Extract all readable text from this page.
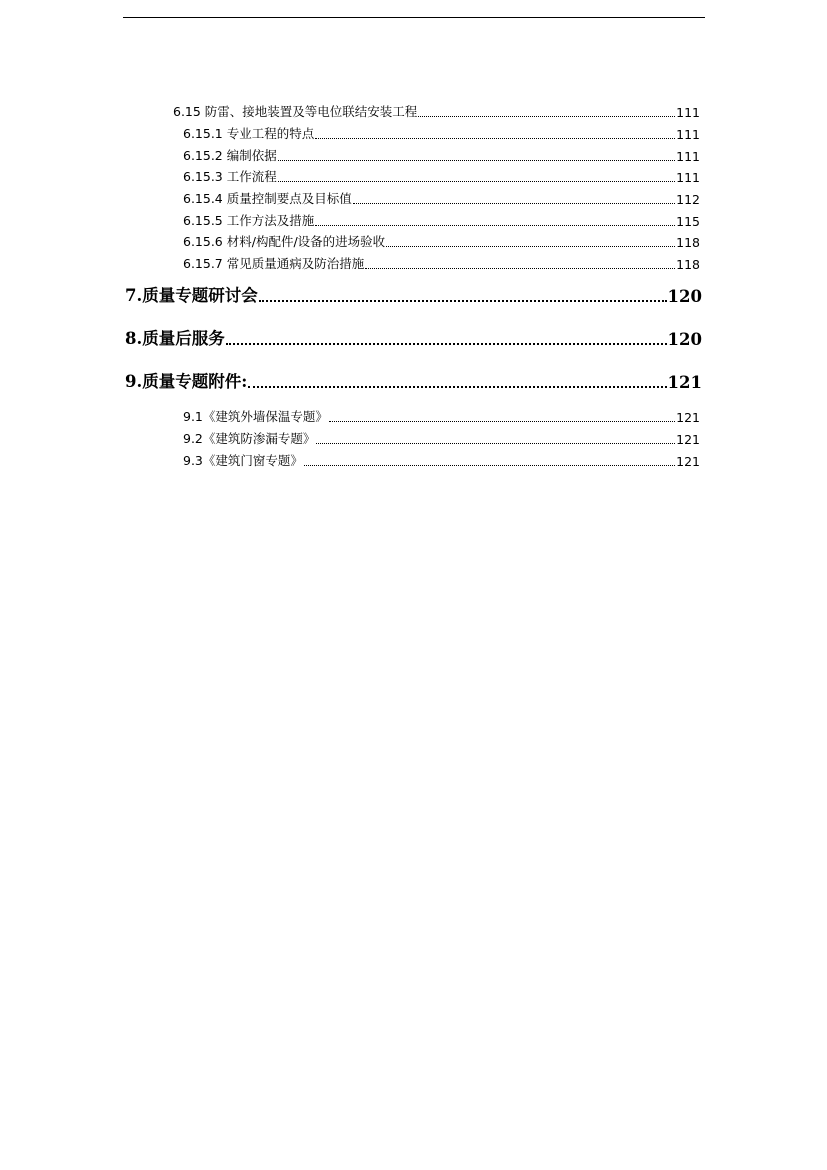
6.15 防雷、接地装置及等电位联结安装工程	111
6.15.1 专业工程的特点	111
6.15.2 编制依据	111
6.15.3 工作流程	111
6.15.4 质量控制要点及目标值	112
6.15.5 工作方法及措施	115
6.15.6 材料/构配件/设备的进场验收	118
6.15.7 常见质量通病及防治措施	118
7.质量专题研讨会	120
8.质量后服务	120
9.质量专题附件:	121
9.1《建筑外墙保温专题》	121
9.2《建筑防渗漏专题》	121
9.3《建筑门窗专题》	121
